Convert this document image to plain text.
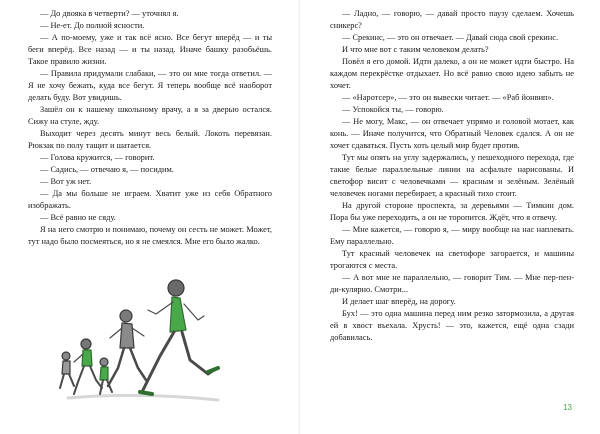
— До двояка в четверти? — уточнял я.

— Не-ет. До полной ясности.

— А по-моему, уже и так всё ясно. Все бегут вперёд — и ты беги вперёд. Все назад — и ты назад. Иначе башку разобьёшь. Такое правило жизни.

— Правила придумали слабаки, — это он мне тогда ответил. — Я не хочу бежать, куда все бегут. Я теперь вообще всё наоборот делать буду. Вот увидишь.

Зашёл он к нашему школьному врачу, а я за дверью остался. Сижу на стуле, жду.

Выходит через десять минут весь белый. Локоть перевязан. Рюкзак по полу тащит и шатается.

— Голова кружится, — говорит.

— Садись, — отвечаю я, — посидим.

— Вот уж нет.

— Да мы больше не играем. Хватит уже из себя Обратного изображать.

— Всё равно не сяду.

Я на него смотрю и понимаю, почему он сесть не может. Может, тут надо было посмеяться, но я не смеялся. Мне его было жалко.

— Ладно, — говорю, — давай просто паузу сделаем. Хочешь сникерс?

— Срекинс, — это он отвечает. — Давай сюда свой срекинс.

И что мне вот с таким человеком делать?

Повёл я его домой. Идти далеко, а он не может идти быстро. На каждом перекрёстке отдыхает. Но всё равно свою идею забыть не хочет.

— «Наротсер», — это он вывески читает. — «Раб йонвип».

— Успокойся ты, — говорю.

— Не могу, Макс, — он отвечает упрямо и головой мотает, как конь. — Иначе получится, что Обратный Человек сдался. А он не хочет сдаваться. Пусть хоть целый мир будет против.

Тут мы опять на углу задержались, у пешеходного перехода, где такие белые параллельные линии на асфальте нарисованы. И светофор висит с человечками — красным и зелёным. Зелёный человечек ногами перебирает, а красный тихо стоит.

На другой стороне проспекта, за деревьями — Тимкин дом. Пора бы уже переходить, а он не торопится. Ждёт, что я отвечу.

— Мне кажется, — говорю я, — миру вообще на нас наплевать. Ему параллельно.

Тут красный человечек на светофоре загорается, и машины трогаются с места.

— А вот мне не параллельно, — говорит Тим. — Мне пер-пен-ди-кулярно. Смотри...

И делает шаг вперёд, на дорогу.

Бух! — это одна машина перед ним резко затормозила, а другая ей в хвост въехала. Хрусть! — это, кажется, ещё одна сзади добавилась.

13
